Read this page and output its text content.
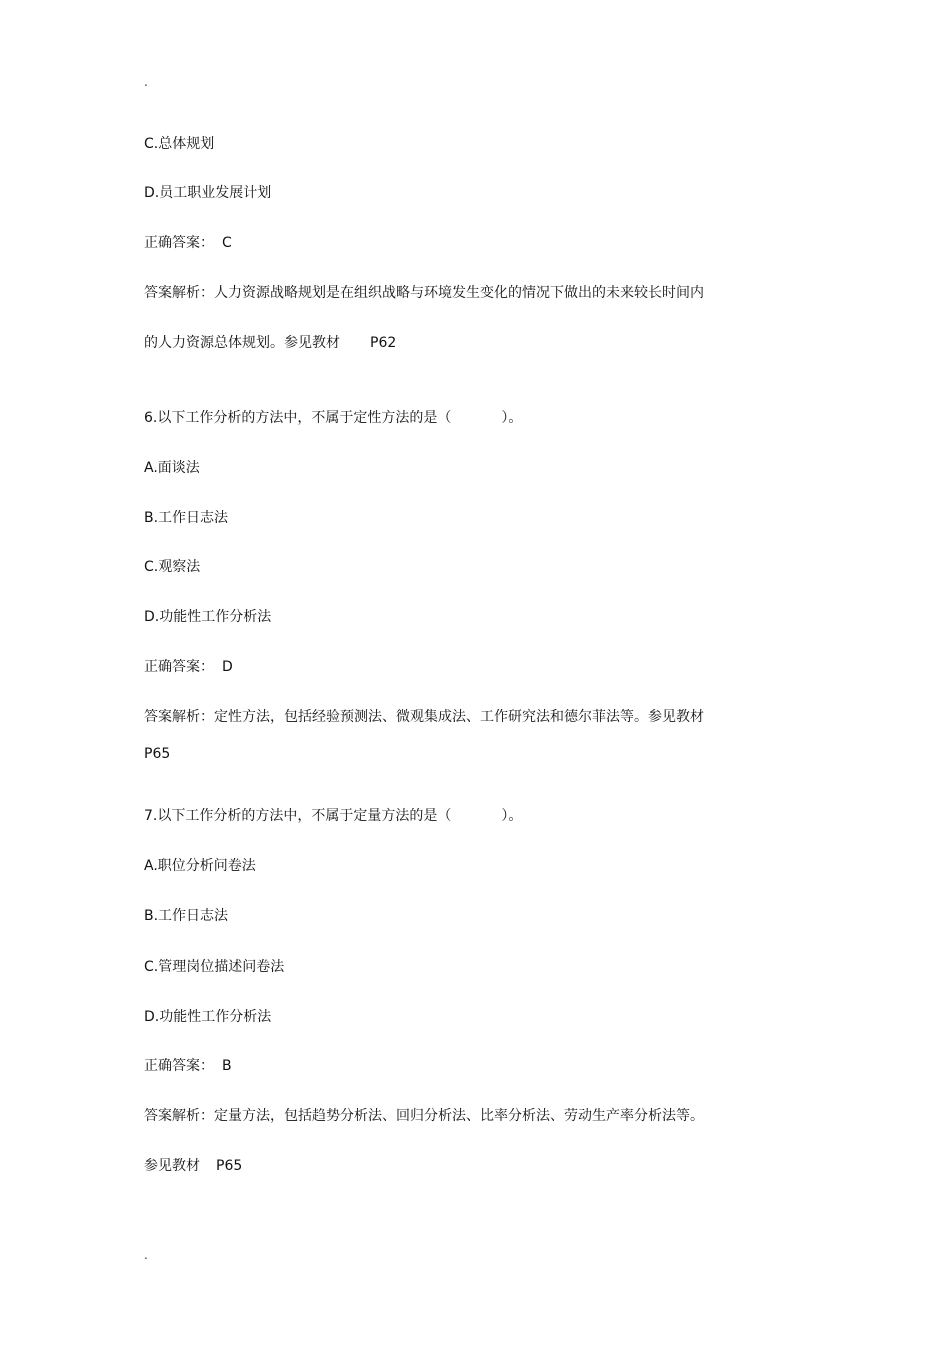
.

C.总体规划

D.员工职业发展计划

正确答案： C

答案解析：人力资源战略规划是在组织战略与环境发生变化的情况下做出的未来较长时间内

的人力资源总体规划。参见教材 P62

6.以下工作分析的方法中，不属于定性方法的是（	）。

A.面谈法

B.工作日志法

C.观察法

D.功能性工作分析法

正确答案： D

答案解析：定性方法，包括经验预测法、微观集成法、工作研究法和德尔菲法等。参见教材

P65

7.以下工作分析的方法中，不属于定量方法的是（	）。

A.职位分析问卷法

B.工作日志法

C.管理岗位描述问卷法

D.功能性工作分析法

正确答案： B

答案解析：定量方法，包括趋势分析法、回归分析法、比率分析法、劳动生产率分析法等。

参见教材 P65

.
